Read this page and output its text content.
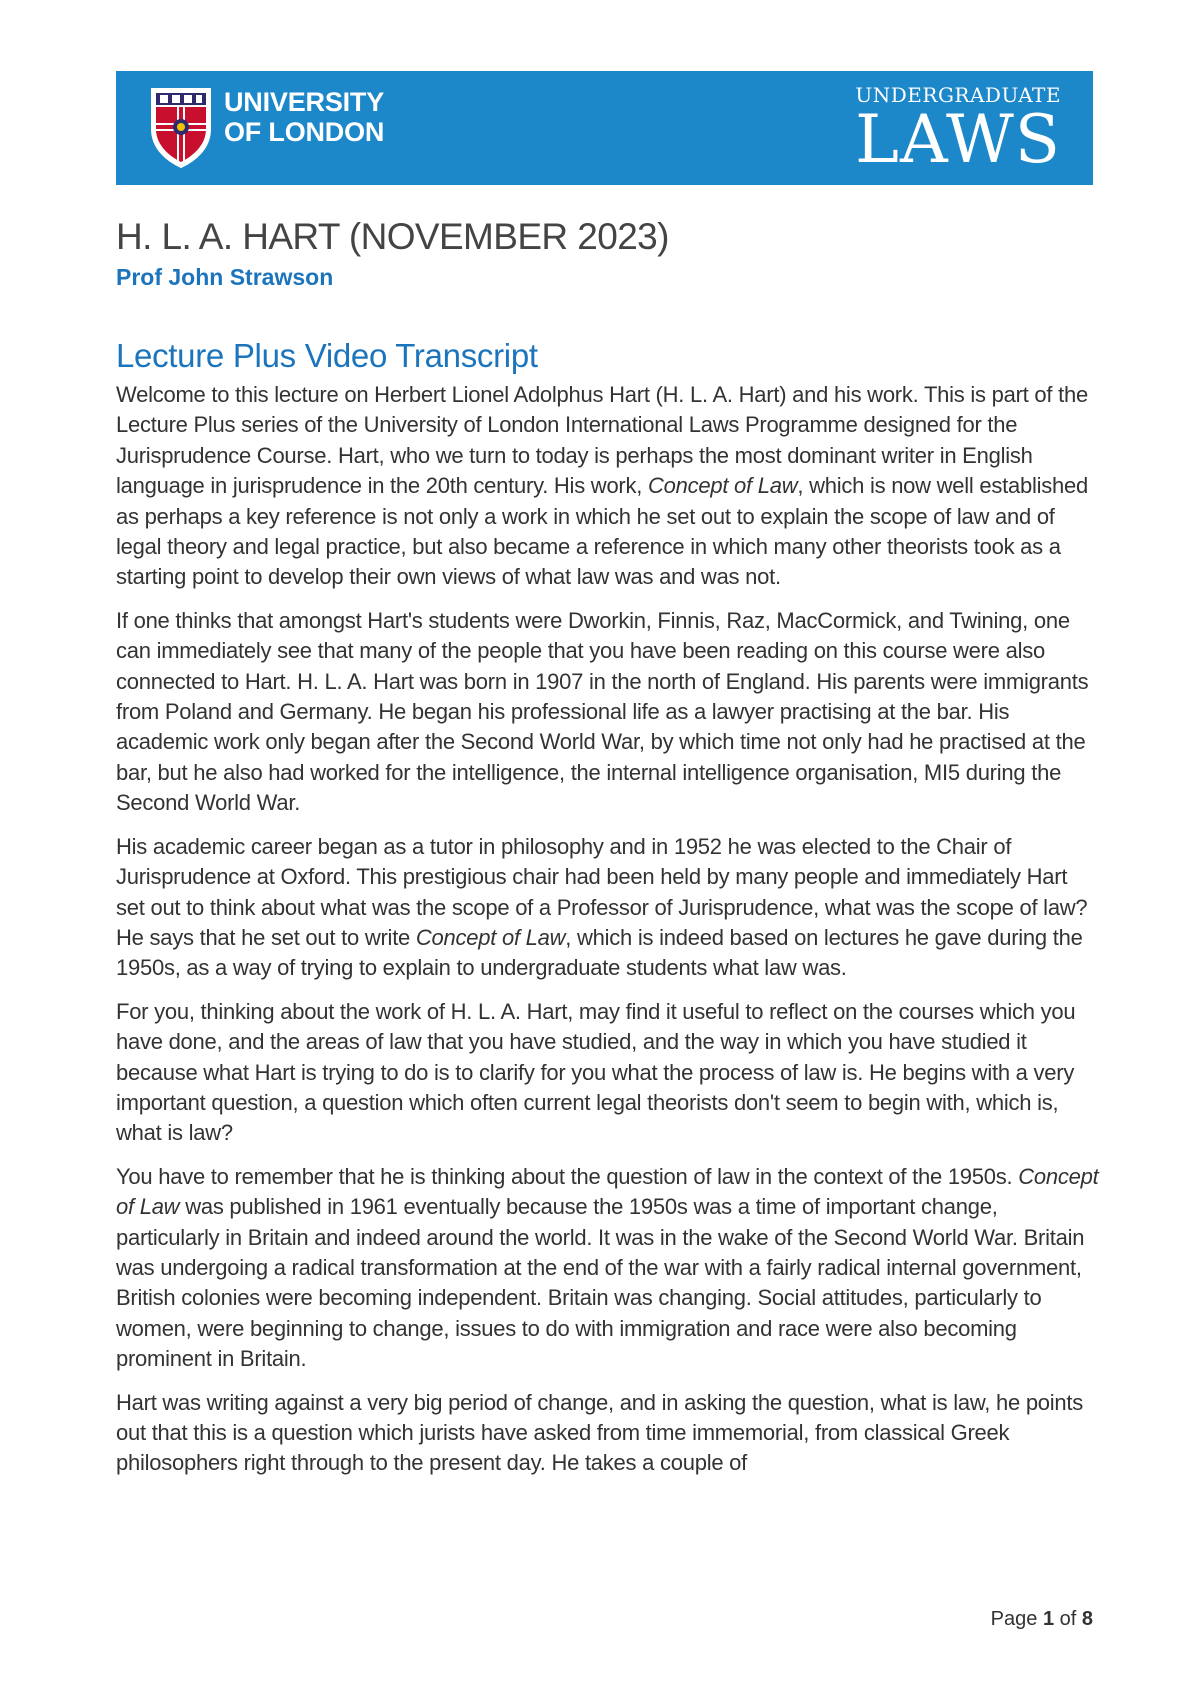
UNIVERSITY
OF LONDON
UNDERGRADUATE
LAWS
H. L. A. HART (NOVEMBER 2023)
Prof John Strawson
Lecture Plus Video Transcript

Welcome to this lecture on Herbert Lionel Adolphus Hart (H. L. A. Hart) and his work. This is part of the Lecture Plus series of the University of London International Laws Programme designed for the Jurisprudence Course. Hart, who we turn to today is perhaps the most dominant writer in English language in jurisprudence in the 20th century. His work, Concept of Law, which is now well established as perhaps a key reference is not only a work in which he set out to explain the scope of law and of legal theory and legal practice, but also became a reference in which many other theorists took as a starting point to develop their own views of what law was and was not.

If one thinks that amongst Hart's students were Dworkin, Finnis, Raz, MacCormick, and Twining, one can immediately see that many of the people that you have been reading on this course were also connected to Hart. H. L. A. Hart was born in 1907 in the north of England. His parents were immigrants from Poland and Germany. He began his professional life as a lawyer practising at the bar. His academic work only began after the Second World War, by which time not only had he practised at the bar, but he also had worked for the intelligence, the internal intelligence organisation, MI5 during the Second World War.

His academic career began as a tutor in philosophy and in 1952 he was elected to the Chair of Jurisprudence at Oxford. This prestigious chair had been held by many people and immediately Hart set out to think about what was the scope of a Professor of Jurisprudence, what was the scope of law? He says that he set out to write Concept of Law, which is indeed based on lectures he gave during the 1950s, as a way of trying to explain to undergraduate students what law was.

For you, thinking about the work of H. L. A. Hart, may find it useful to reflect on the courses which you have done, and the areas of law that you have studied, and the way in which you have studied it because what Hart is trying to do is to clarify for you what the process of law is. He begins with a very important question, a question which often current legal theorists don't seem to begin with, which is, what is law?

You have to remember that he is thinking about the question of law in the context of the 1950s. Concept of Law was published in 1961 eventually because the 1950s was a time of important change, particularly in Britain and indeed around the world. It was in the wake of the Second World War. Britain was undergoing a radical transformation at the end of the war with a fairly radical internal government, British colonies were becoming independent. Britain was changing. Social attitudes, particularly to women, were beginning to change, issues to do with immigration and race were also becoming prominent in Britain.

Hart was writing against a very big period of change, and in asking the question, what is law, he points out that this is a question which jurists have asked from time immemorial, from classical Greek philosophers right through to the present day. He takes a couple of

Page 1 of 8
